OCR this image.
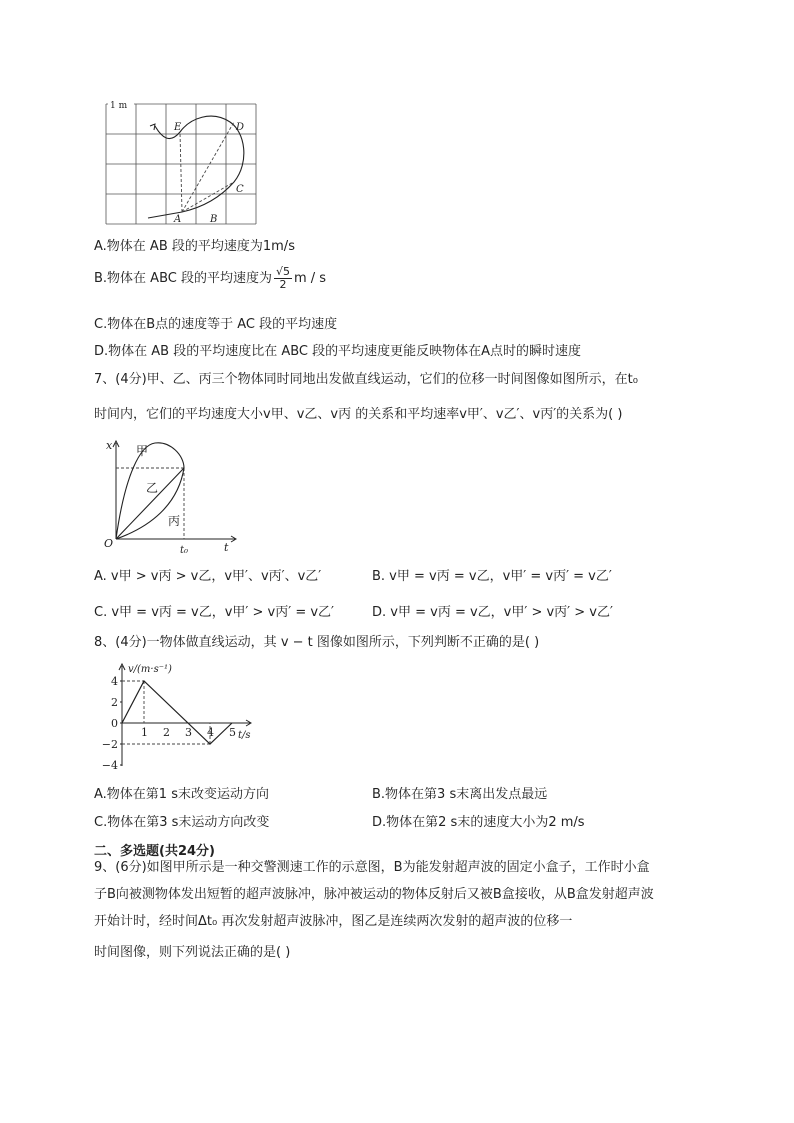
1 m
A	B
C
D
E
A.物体在 AB 段的平均速度为1m/s
B.物体在 ABC 段的平均速度为 $\frac{√5}{2}$ m / s
C.物体在B点的速度等于 AC 段的平均速度
D.物体在 AB 段的平均速度比在 ABC 段的平均速度更能反映物体在A点时的瞬时速度
7、(4分)甲、乙、丙三个物体同时同地出发做直线运动，它们的位移一时间图像如图所示，在t₀
时间内，它们的平均速度大小v甲、v乙、v丙 的关系和平均速率v甲′、v乙′、v丙′的关系为( )
x
t
O
t₀
甲
乙
丙
A. v甲 > v丙 > v乙，v甲′、v丙′、v乙′	B. v甲 = v丙 = v乙，v甲′ = v丙′ = v乙′
C. v甲 = v丙 = v乙，v甲′ > v丙′ = v乙′	D. v甲 = v丙 = v乙，v甲′ > v丙′ > v乙′
8、(4分)一物体做直线运动，其 v − t 图像如图所示，下列判断不正确的是( )
v/(m·s⁻¹)
t/s
4
2
0
−2
−4
1 2 3 4 5
A.物体在第1 s末改变运动方向	B.物体在第3 s末离出发点最远
C.物体在第3 s末运动方向改变	D.物体在第2 s末的速度大小为2 m/s
二、多选题(共24分)
9、(6分)如图甲所示是一种交警测速工作的示意图，B为能发射超声波的固定小盒子，工作时小盒
子B向被测物体发出短暂的超声波脉冲，脉冲被运动的物体反射后又被B盒接收，从B盒发射超声波
开始计时，经时间Δt₀ 再次发射超声波脉冲，图乙是连续两次发射的超声波的位移一
时间图像，则下列说法正确的是( )
